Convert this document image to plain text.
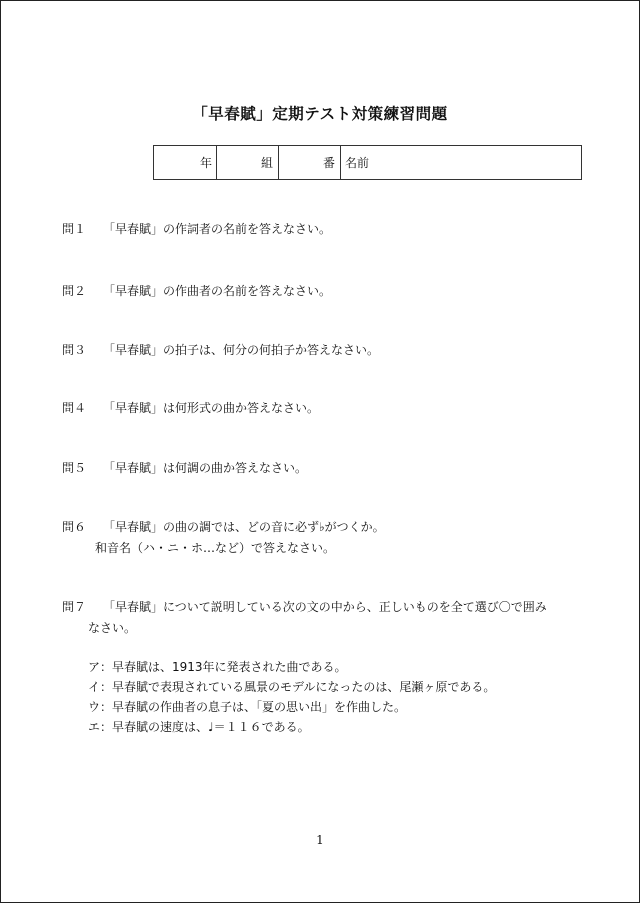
「早春賦」定期テスト対策練習問題
年	組	番	名前
問１ 「早春賦」の作詞者の名前を答えなさい。
問２ 「早春賦」の作曲者の名前を答えなさい。
問３ 「早春賦」の拍子は、何分の何拍子か答えなさい。
問４ 「早春賦」は何形式の曲か答えなさい。
問５ 「早春賦」は何調の曲か答えなさい。
問６ 「早春賦」の曲の調では、どの音に必ず♭がつくか。
和音名（ハ・ニ・ホ…など）で答えなさい。
問７ 「早春賦」について説明している次の文の中から、正しいものを全て選び〇で囲み
なさい。
ア：早春賦は、1913年に発表された曲である。
イ：早春賦で表現されている風景のモデルになったのは、尾瀬ヶ原である。
ウ：早春賦の作曲者の息子は、「夏の思い出」を作曲した。
エ：早春賦の速度は、♩＝１１６である。
1
